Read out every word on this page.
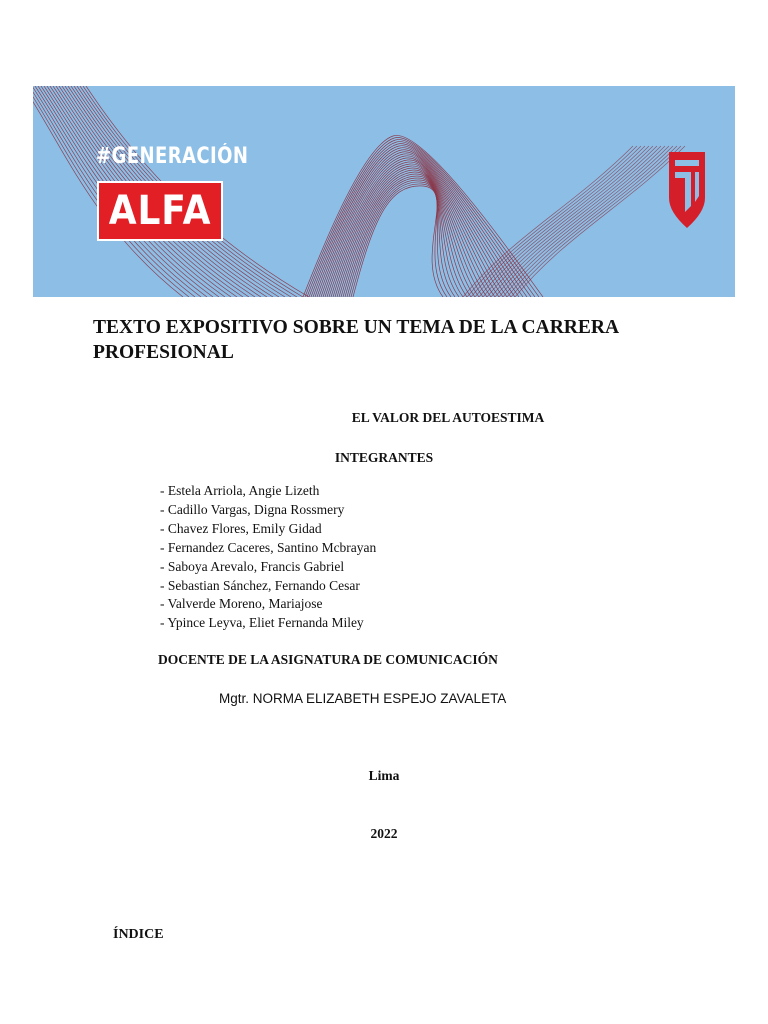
#GENERACIÓN
ALFA
TEXTO EXPOSITIVO SOBRE UN TEMA DE LA CARRERA PROFESIONAL
EL VALOR DEL AUTOESTIMA
INTEGRANTES
- Estela Arriola, Angie Lizeth
- Cadillo Vargas, Digna Rossmery
- Chavez Flores, Emily Gidad
- Fernandez Caceres, Santino Mcbrayan
- Saboya Arevalo, Francis Gabriel
- Sebastian Sánchez, Fernando Cesar
- Valverde Moreno, Mariajose
- Ypince Leyva, Eliet Fernanda Miley
DOCENTE DE LA ASIGNATURA DE COMUNICACIÓN
Mgtr. NORMA ELIZABETH ESPEJO ZAVALETA
Lima
2022
ÍNDICE
